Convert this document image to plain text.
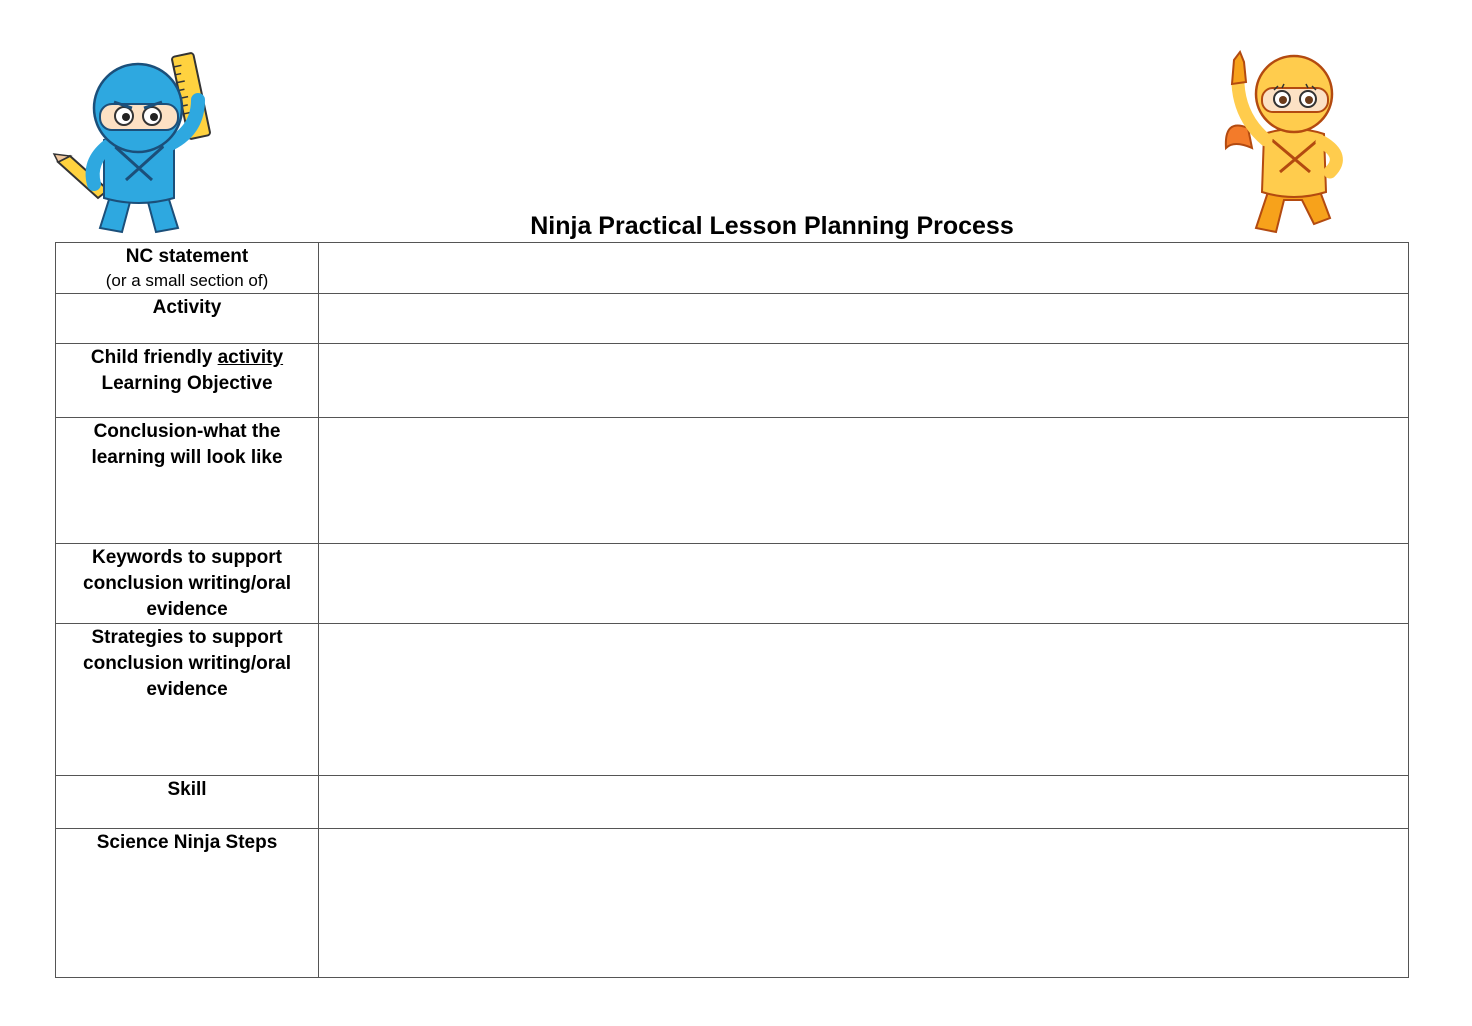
Ninja Practical Lesson Planning Process
NC statement
(or a small section of)	

Activity	
Child friendly activity
Learning Objective	
Conclusion-what the learning will look like	
Keywords to support conclusion writing/oral evidence	
Strategies to support conclusion writing/oral evidence	
Skill	
Science Ninja Steps	
